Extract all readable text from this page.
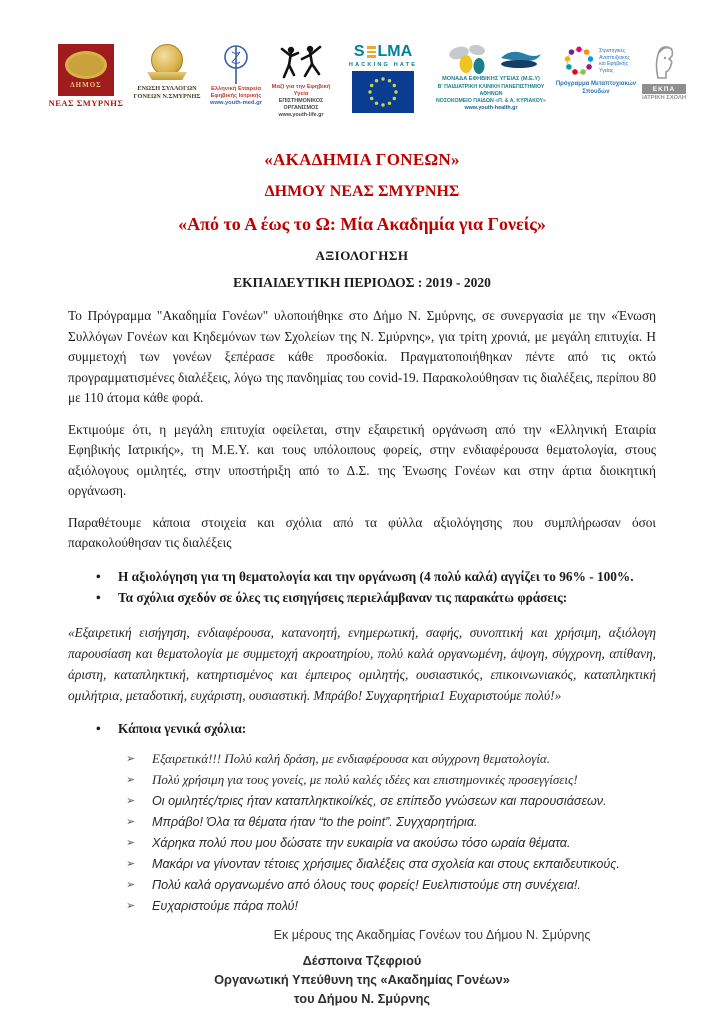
ΔΗΜΟΣ
ΝΕΑΣ ΣΜΥΡΝΗΣ
ΕΝΩΣΗ ΣΥΛΛΟΓΩΝ
ΓΟΝΕΩΝ Ν.ΣΜΥΡΝΗΣ
Ελληνική Εταιρεία
Εφηβικής Ιατρικής
www.youth-med.gr
Μαζί για την Εφηβική Υγεία
ΕΠΙΣΤΗΜΟΝΙΚΟΣ ΟΡΓΑΝΙΣΜΟΣ
www.youth-life.gr
S LMA
HACKING HATE
ΜΟΝΑΔΑ ΕΦΗΒΙΚΗΣ ΥΓΕΙΑΣ (Μ.Ε.Υ)
Β' ΠΑΙΔΙΑΤΡΙΚΗ ΚΛΙΝΙΚΗ ΠΑΝΕΠΙΣΤΗΜΙΟΥ ΑΘΗΝΩΝ
ΝΟΣΟΚΟΜΕΙΟ ΠΑΙΔΩΝ «Π. & Α. ΚΥΡΙΑΚΟΥ»
www.youth-health.gr
Στρατηγικές
Αναπτυξιακής
και Εφηβικής
Υγείας
Πρόγραμμα Μεταπτυχιακών
Σπουδών	ΕΚΠΑ
ΙΑΤΡΙΚΗ ΣΧΟΛΗ
«ΑΚΑΔΗΜΙΑ ΓΟΝΕΩΝ»
ΔΗΜΟΥ ΝΕΑΣ ΣΜΥΡΝΗΣ
«Από το Α έως το Ω: Μία Ακαδημία για Γονείς»
ΑΞΙΟΛΟΓΗΣΗ
ΕΚΠΑΙΔΕΥΤΙΚΗ ΠΕΡΙΟΔΟΣ : 2019 - 2020

Το Πρόγραμμα "Ακαδημία Γονέων" υλοποιήθηκε στο Δήμο Ν. Σμύρνης, σε συνεργασία με την «Ένωση Συλλόγων Γονέων και Κηδεμόνων των Σχολείων της Ν. Σμύρνης», για τρίτη χρονιά, με μεγάλη επιτυχία. Η συμμετοχή των γονέων ξεπέρασε κάθε προσδοκία. Πραγματοποιήθηκαν πέντε από τις οκτώ προγραμματισμένες διαλέξεις, λόγω της πανδημίας του covid-19. Παρακολούθησαν τις διαλέξεις, περίπου 80 με 110 άτομα κάθε φορά.

Εκτιμούμε ότι, η μεγάλη επιτυχία οφείλεται, στην εξαιρετική οργάνωση από την «Ελληνική Εταιρία Εφηβικής Ιατρικής», τη Μ.Ε.Υ. και τους υπόλοιπους φορείς, στην ενδιαφέρουσα θεματολογία, στους αξιόλογους ομιλητές, στην υποστήριξη από το Δ.Σ. της Ένωσης Γονέων και στην άρτια διοικητική οργάνωση.

Παραθέτουμε κάποια στοιχεία και σχόλια από τα φύλλα αξιολόγησης που συμπλήρωσαν όσοι παρακολούθησαν τις διαλέξεις

•	Η αξιολόγηση για τη θεματολογία και την οργάνωση (4 πολύ καλά) αγγίζει το 96% - 100%.
•	Τα σχόλια σχεδόν σε όλες τις εισηγήσεις περιελάμβαναν τις παρακάτω φράσεις:

«Εξαιρετική εισήγηση, ενδιαφέρουσα, κατανοητή, ενημερωτική, σαφής, συνοπτική και χρήσιμη, αξιόλογη παρουσίαση και θεματολογία με συμμετοχή ακροατηρίου, πολύ καλά οργανωμένη, άψογη, σύγχρονη, απίθανη, άριστη, καταπληκτική, κατηρτισμένος και έμπειρος ομιλητής, ουσιαστικός, επικοινωνιακός, καταπληκτική ομιλήτρια, μεταδοτική, ευχάριστη, ουσιαστική. Μπράβο! Συγχαρητήρια1 Ευχαριστούμε πολύ!»

•	Κάποια γενικά σχόλια:
➢	Εξαιρετικά!!! Πολύ καλή δράση, με ενδιαφέρουσα και σύγχρονη θεματολογία.
➢	Πολύ χρήσιμη για τους γονείς, με πολύ καλές ιδέες και επιστημονικές προσεγγίσεις!
➢	Οι ομιλητές/τριες ήταν καταπληκτικοί/κές, σε επίπεδο γνώσεων και παρουσιάσεων.
➢	Μπράβο! Όλα τα θέματα ήταν “to the point”. Συγχαρητήρια.
➢	Χάρηκα πολύ που μου δώσατε την ευκαιρία να ακούσω τόσο ωραία θέματα.
➢	Μακάρι να γίνονταν τέτοιες χρήσιμες διαλέξεις στα σχολεία και στους εκπαιδευτικούς.
➢	Πολύ καλά οργανωμένο από όλους τους φορείς! Ευελπιστούμε στη συνέχεια!.
➢	Ευχαριστούμε πάρα πολύ!

Εκ μέρους της Ακαδημίας Γονέων του Δήμου Ν. Σμύρνης

Δέσποινα Τζεφριού
Οργανωτική Υπεύθυνη της «Ακαδημίας Γονέων»
του Δήμου Ν. Σμύρνης
